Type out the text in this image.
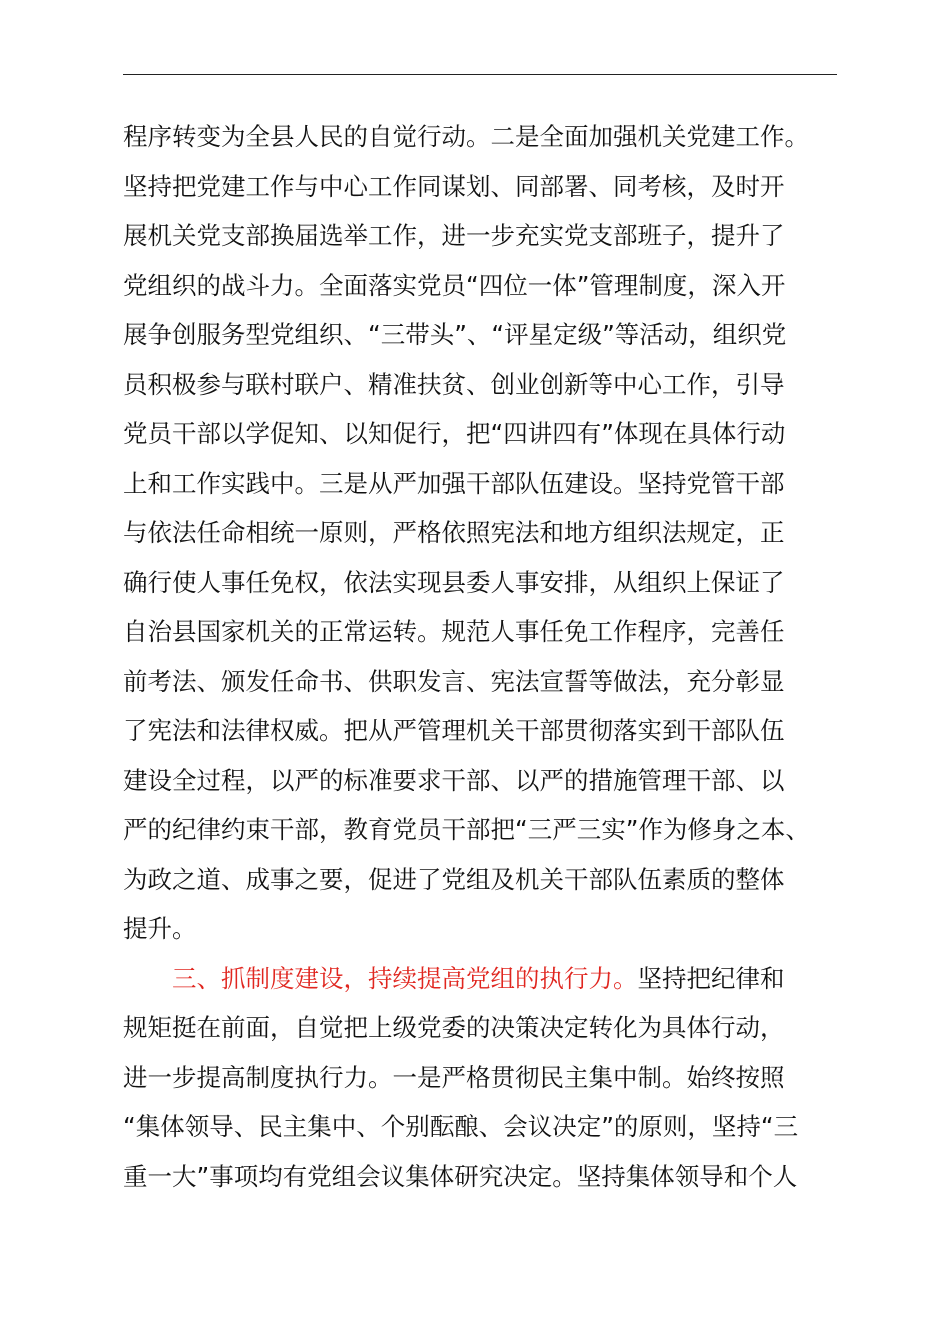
程序转变为全县人民的自觉行动。二是全面加强机关党建工作。
坚持把党建工作与中心工作同谋划、同部署、同考核，及时开
展机关党支部换届选举工作，进一步充实党支部班子，提升了
党组织的战斗力。全面落实党员“四位一体”管理制度，深入开
展争创服务型党组织、“三带头”、“评星定级”等活动，组织党
员积极参与联村联户、精准扶贫、创业创新等中心工作，引导
党员干部以学促知、以知促行，把“四讲四有”体现在具体行动
上和工作实践中。三是从严加强干部队伍建设。坚持党管干部
与依法任命相统一原则，严格依照宪法和地方组织法规定，正
确行使人事任免权，依法实现县委人事安排，从组织上保证了
自治县国家机关的正常运转。规范人事任免工作程序，完善任
前考法、颁发任命书、供职发言、宪法宣誓等做法，充分彰显
了宪法和法律权威。把从严管理机关干部贯彻落实到干部队伍
建设全过程，以严的标准要求干部、以严的措施管理干部、以
严的纪律约束干部，教育党员干部把“三严三实”作为修身之本、
为政之道、成事之要，促进了党组及机关干部队伍素质的整体
提升。
三、抓制度建设，持续提高党组的执行力。坚持把纪律和
规矩挺在前面，自觉把上级党委的决策决定转化为具体行动，
进一步提高制度执行力。一是严格贯彻民主集中制。始终按照
“集体领导、民主集中、个别酝酿、会议决定”的原则，坚持“三
重一大”事项均有党组会议集体研究决定。坚持集体领导和个人
